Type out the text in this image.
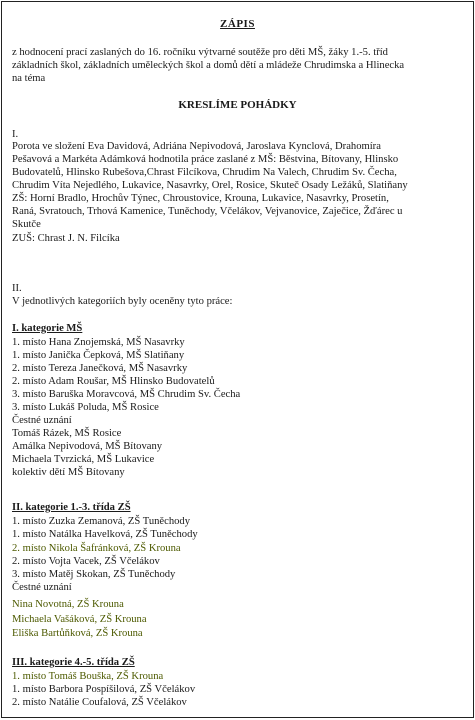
ZÁPIS
z hodnocení prací zaslaných do 16. ročníku výtvarné soutěže pro děti MŠ, žáky 1.-5. tříd
základních škol, základních uměleckých škol a domů dětí a mládeže Chrudimska a Hlinecka
na téma
KRESLÍME POHÁDKY
I.
Porota ve složení Eva Davidová, Adriána Nepivodová, Jaroslava Kynclová, Drahomíra
Pešavová a Markéta Adámková hodnotila práce zaslané z MŠ: Běstvina, Bítovany, Hlinsko
Budovatelů, Hlinsko Rubešova,Chrast Filcíkova, Chrudim Na Valech, Chrudim Sv. Čecha,
Chrudim Víta Nejedlého, Lukavice, Nasavrky, Orel, Rosice, Skuteč Osady Ležáků, Slatiňany
ZŠ: Horní Bradlo, Hrochův Týnec, Chroustovice, Krouna, Lukavice, Nasavrky, Prosetín,
Raná, Svratouch, Trhová Kamenice, Tuněchody, Včelákov, Vejvanovice, Zaječice, Žďárec u
Skutče
ZUŠ: Chrast J. N. Filcíka
II.
V jednotlivých kategoriích byly oceněny tyto práce:
I. kategorie MŠ
1. místo Hana Znojemská, MŠ Nasavrky
1. místo Janička Čepková, MŠ Slatiňany
2. místo Tereza Janečková, MŠ Nasavrky
2. místo Adam Roušar, MŠ Hlinsko Budovatelů
3. místo Baruška Moravcová, MŠ Chrudim Sv. Čecha
3. místo Lukáš Poluda, MŠ Rosice
Čestné uznání
Tomáš Rázek, MŠ Rosice
Amálka Nepivodová, MŠ Bítovany
Michaela Tvrzická, MŠ Lukavice
kolektiv dětí MŠ Bítovany
II. kategorie 1.-3. třída ZŠ
1. místo Zuzka Zemanová, ZŠ Tuněchody
1. místo Natálka Havelková, ZŠ Tuněchody
2. místo Nikola Šafránková, ZŠ Krouna
2. místo Vojta Vacek, ZŠ Včelákov
3. místo Matěj Skokan, ZŠ Tuněchody
Čestné uznání
Nina Novotná, ZŠ Krouna
Michaela Vašáková, ZŠ Krouna
Eliška Bartůňková, ZŠ Krouna
III. kategorie 4.-5. třída ZŠ
1. místo Tomáš Bouška, ZŠ Krouna
1. místo Barbora Pospíšilová, ZŠ Včelákov
2. místo Natálie Coufalová, ZŠ Včelákov
